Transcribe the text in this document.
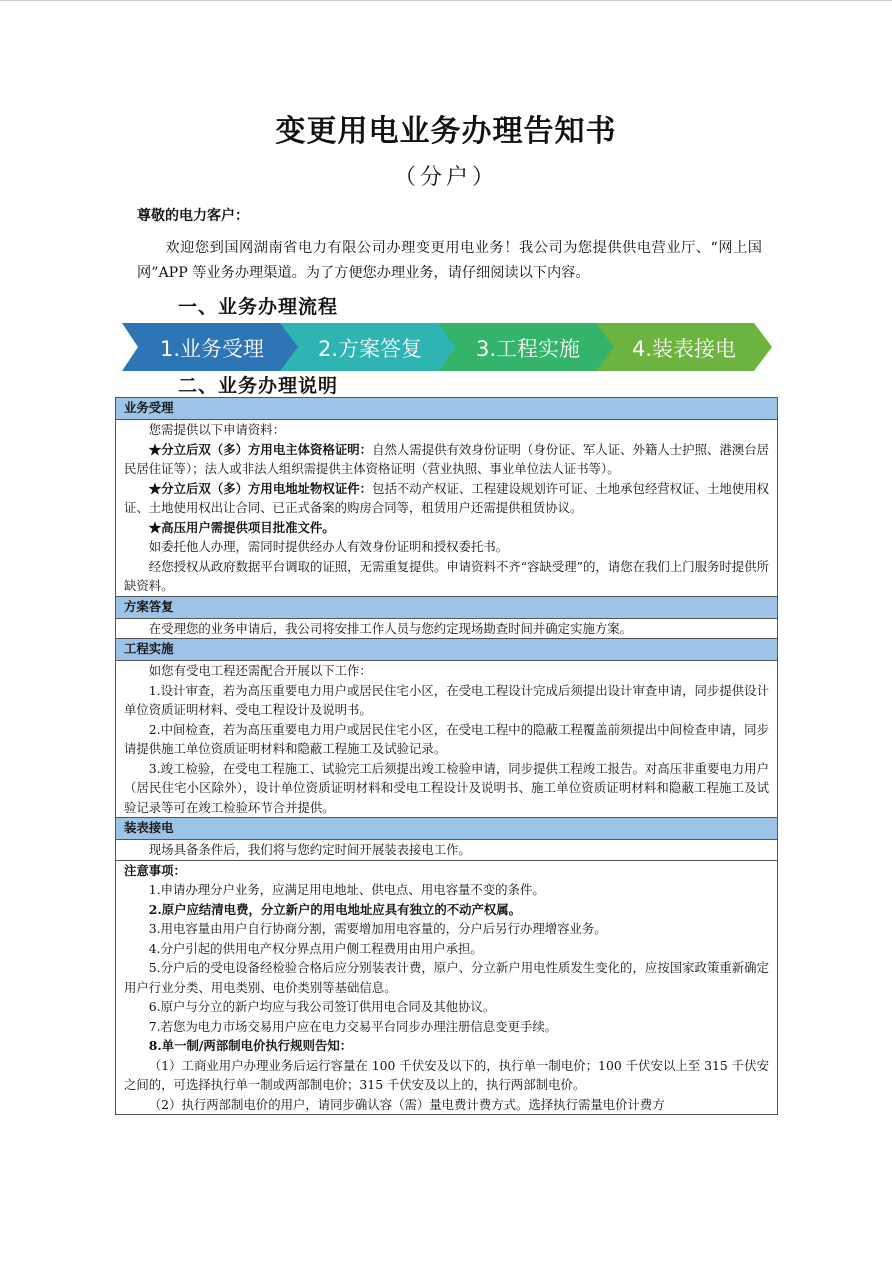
变更用电业务办理告知书
（分户）
尊敬的电力客户：
欢迎您到国网湖南省电力有限公司办理变更用电业务！我公司为您提供供电营业厅、“网上国网”APP 等业务办理渠道。为了方便您办理业务，请仔细阅读以下内容。
一、业务办理流程
1.业务受理	2.方案答复	3.工程实施	4.装表接电
二、业务办理说明
业务受理

您需提供以下申请资料：
★分立后双（多）方用电主体资格证明：自然人需提供有效身份证明（身份证、军人证、外籍人士护照、港澳台居民居住证等）；法人或非法人组织需提供主体资格证明（营业执照、事业单位法人证书等）。
★分立后双（多）方用电地址物权证件：包括不动产权证、工程建设规划许可证、土地承包经营权证、土地使用权证、土地使用权出让合同、已正式备案的购房合同等，租赁用户还需提供租赁协议。
★高压用户需提供项目批准文件。
如委托他人办理，需同时提供经办人有效身份证明和授权委托书。
经您授权从政府数据平台调取的证照，无需重复提供。申请资料不齐“容缺受理”的，请您在我们上门服务时提供所缺资料。

方案答复

在受理您的业务申请后，我公司将安排工作人员与您约定现场勘查时间并确定实施方案。

工程实施

如您有受电工程还需配合开展以下工作：
1.设计审查，若为高压重要电力用户或居民住宅小区，在受电工程设计完成后须提出设计审查申请，同步提供设计单位资质证明材料、受电工程设计及说明书。
2.中间检查，若为高压重要电力用户或居民住宅小区，在受电工程中的隐蔽工程覆盖前须提出中间检查申请，同步请提供施工单位资质证明材料和隐蔽工程施工及试验记录。
3.竣工检验，在受电工程施工、试验完工后须提出竣工检验申请，同步提供工程竣工报告。对高压非重要电力用户（居民住宅小区除外），设计单位资质证明材料和受电工程设计及说明书、施工单位资质证明材料和隐蔽工程施工及试验记录等可在竣工检验环节合并提供。

装表接电

现场具备条件后，我们将与您约定时间开展装表接电工作。

注意事项：
1.申请办理分户业务，应满足用电地址、供电点、用电容量不变的条件。
2.原户应结清电费，分立新户的用电地址应具有独立的不动产权属。
3.用电容量由用户自行协商分割，需要增加用电容量的，分户后另行办理增容业务。
4.分户引起的供用电产权分界点用户侧工程费用由用户承担。
5.分户后的受电设备经检验合格后应分别装表计费，原户、分立新户用电性质发生变化的，应按国家政策重新确定用户行业分类、用电类别、电价类别等基础信息。
6.原户与分立的新户均应与我公司签订供用电合同及其他协议。
7.若您为电力市场交易用户应在电力交易平台同步办理注册信息变更手续。
8.单一制/两部制电价执行规则告知：
（1）工商业用户办理业务后运行容量在 100 千伏安及以下的，执行单一制电价；100 千伏安以上至 315 千伏安之间的，可选择执行单一制或两部制电价；315 千伏安及以上的，执行两部制电价。
（2）执行两部制电价的用户，请同步确认容（需）量电费计费方式。选择执行需量电价计费方
